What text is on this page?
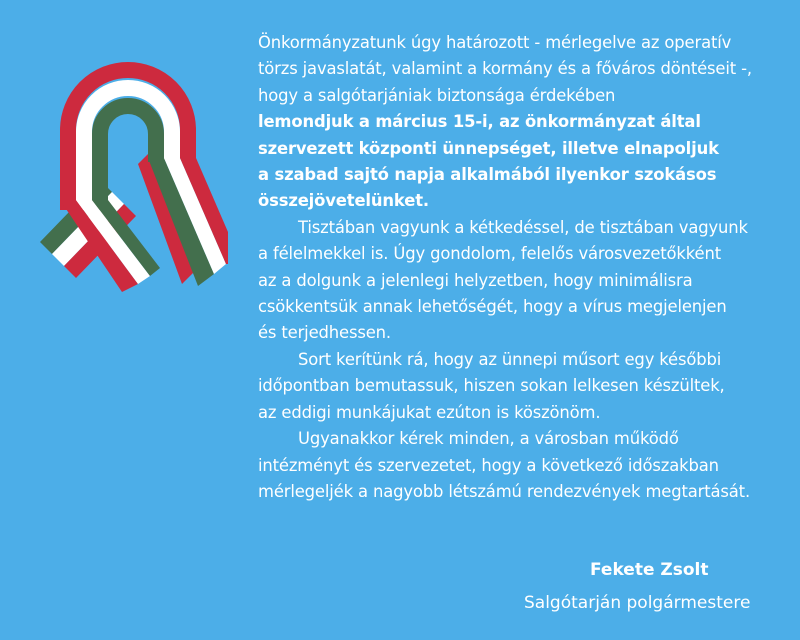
Önkormányzatunk úgy határozott - mérlegelve az operatív
törzs javaslatát, valamint a kormány és a főváros döntéseit -,
hogy a salgótarjániak biztonsága érdekében
lemondjuk a március 15-i, az önkormányzat által
szervezett központi ünnepséget, illetve elnapoljuk
a szabad sajtó napja alkalmából ilyenkor szokásos
összejövetelünket.
Tisztában vagyunk a kétkedéssel, de tisztában vagyunk
a félelmekkel is. Úgy gondolom, felelős városvezetőkként
az a dolgunk a jelenlegi helyzetben, hogy minimálisra
csökkentsük annak lehetőségét, hogy a vírus megjelenjen
és terjedhessen.
Sort kerítünk rá, hogy az ünnepi műsort egy későbbi
időpontban bemutassuk, hiszen sokan lelkesen készültek,
az eddigi munkájukat ezúton is köszönöm.
Ugyanakkor kérek minden, a városban működő
intézményt és szervezetet, hogy a következő időszakban
mérlegeljék a nagyobb létszámú rendezvények megtartását.
Fekete Zsolt
Salgótarján polgármestere
